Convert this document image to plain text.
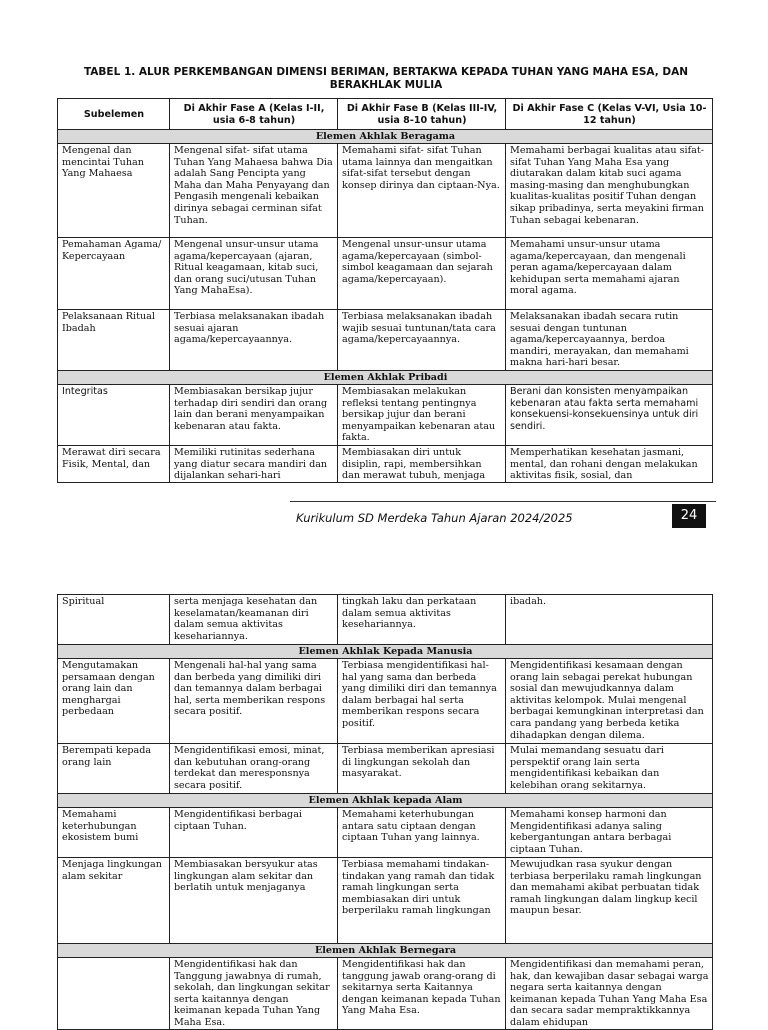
TABEL 1. ALUR PERKEMBANGAN DIMENSI BERIMAN, BERTAKWA KEPADA TUHAN YANG MAHA ESA, DAN BERAKHLAK MULIA
Subelemen	Di Akhir Fase A (Kelas I-II, usia 6-8 tahun)	Di Akhir Fase B (Kelas III-IV, usia 8-10 tahun)	Di Akhir Fase C (Kelas V-VI, Usia 10-12 tahun)
Elemen Akhlak Beragama			
Mengenal dan mencintai Tuhan Yang Mahaesa	Mengenal sifat- sifat utama Tuhan Yang Mahaesa bahwa Dia adalah Sang Pencipta yang Maha dan Maha Penyayang dan Pengasih mengenali kebaikan dirinya sebagai cerminan sifat Tuhan.	Memahami sifat- sifat Tuhan utama lainnya dan mengaitkan sifat-sifat tersebut dengan konsep dirinya dan ciptaan-Nya.	Memahami berbagai kualitas atau sifat-sifat Tuhan Yang Maha Esa yang diutarakan dalam kitab suci agama masing-masing dan menghubungkan kualitas-kualitas positif Tuhan dengan sikap pribadinya, serta meyakini firman Tuhan sebagai kebenaran.
Pemahaman Agama/ Kepercayaan	Mengenal unsur-unsur utama agama/kepercayaan (ajaran, Ritual keagamaan, kitab suci, dan orang suci/utusan Tuhan Yang MahaEsa).	Mengenal unsur-unsur utama agama/kepercayaan (simbol-simbol keagamaan dan sejarah agama/kepercayaan).	Memahami unsur-unsur utama agama/kepercayaan, dan mengenali peran agama/kepercayaan dalam kehidupan serta memahami ajaran moral agama.
Pelaksanaan Ritual Ibadah	Terbiasa melaksanakan ibadah sesuai ajaran agama/kepercayaannya.	Terbiasa melaksanakan ibadah wajib sesuai tuntunan/tata cara agama/kepercayaannya.	Melaksanakan ibadah secara rutin sesuai dengan tuntunan agama/kepercayaannya, berdoa mandiri, merayakan, dan memahami makna hari-hari besar.
Elemen Akhlak Pribadi			
Integritas	Membiasakan bersikap jujur terhadap diri sendiri dan orang lain dan berani menyampaikan kebenaran atau fakta.	Membiasakan melakukan refleksi tentang pentingnya bersikap jujur dan berani menyampaikan kebenaran atau fakta.	Berani dan konsisten menyampaikan kebenaran atau fakta serta memahami konsekuensi-konsekuensinya untuk diri sendiri.
Merawat diri secara Fisik, Mental, dan	Memiliki rutinitas sederhana yang diatur secara mandiri dan dijalankan sehari-hari	Membiasakan diri untuk disiplin, rapi, membersihkan dan merawat tubuh, menjaga	Memperhatikan kesehatan jasmani, mental, dan rohani dengan melakukan aktivitas fisik, sosial, dan
Kurikulum SD Merdeka Tahun Ajaran 2024/2025	24
Spiritual	serta menjaga kesehatan dan keselamatan/keamanan diri dalam semua aktivitas kesehariannya.	tingkah laku dan perkataan dalam semua aktivitas kesehariannya.	ibadah.
Elemen Akhlak Kepada Manusia			
Mengutamakan persamaan dengan orang lain dan menghargai perbedaan	Mengenali hal-hal yang sama dan berbeda yang dimiliki diri dan temannya dalam berbagai hal, serta memberikan respons secara positif.	Terbiasa mengidentifikasi hal-hal yang sama dan berbeda yang dimiliki diri dan temannya dalam berbagai hal serta memberikan respons secara positif.	Mengidentifikasi kesamaan dengan orang lain sebagai perekat hubungan sosial dan mewujudkannya dalam aktivitas kelompok. Mulai mengenal berbagai kemungkinan interpretasi dan cara pandang yang berbeda ketika dihadapkan dengan dilema.
Berempati kepada orang lain	Mengidentifikasi emosi, minat, dan kebutuhan orang-orang terdekat dan meresponsnya secara positif.	Terbiasa memberikan apresiasi di lingkungan sekolah dan masyarakat.	Mulai memandang sesuatu dari perspektif orang lain serta mengidentifikasi kebaikan dan kelebihan orang sekitarnya.
Elemen Akhlak kepada Alam			
Memahami keterhubungan ekosistem bumi	Mengidentifikasi berbagai ciptaan Tuhan.	Memahami keterhubungan antara satu ciptaan dengan ciptaan Tuhan yang lainnya.	Memahami konsep harmoni dan Mengidentifikasi adanya saling kebergantungan antara berbagai ciptaan Tuhan.
Menjaga lingkungan alam sekitar	Membiasakan bersyukur atas lingkungan alam sekitar dan berlatih untuk menjaganya	Terbiasa memahami tindakan-tindakan yang ramah dan tidak ramah lingkungan serta membiasakan diri untuk berperilaku ramah lingkungan	Mewujudkan rasa syukur dengan terbiasa berperilaku ramah lingkungan dan memahami akibat perbuatan tidak ramah lingkungan dalam lingkup kecil maupun besar.
Elemen Akhlak Bernegara			
	Mengidentifikasi hak dan Tanggung jawabnya di rumah, sekolah, dan lingkungan sekitar serta kaitannya dengan keimanan kepada Tuhan Yang Maha Esa.	Mengidentifikasi hak dan tanggung jawab orang-orang di sekitarnya serta Kaitannya dengan keimanan kepada Tuhan Yang Maha Esa.	Mengidentifikasi dan memahami peran, hak, dan kewajiban dasar sebagai warga negara serta kaitannya dengan keimanan kepada Tuhan Yang Maha Esa dan secara sadar mempraktikkannya dalam ehidupan
